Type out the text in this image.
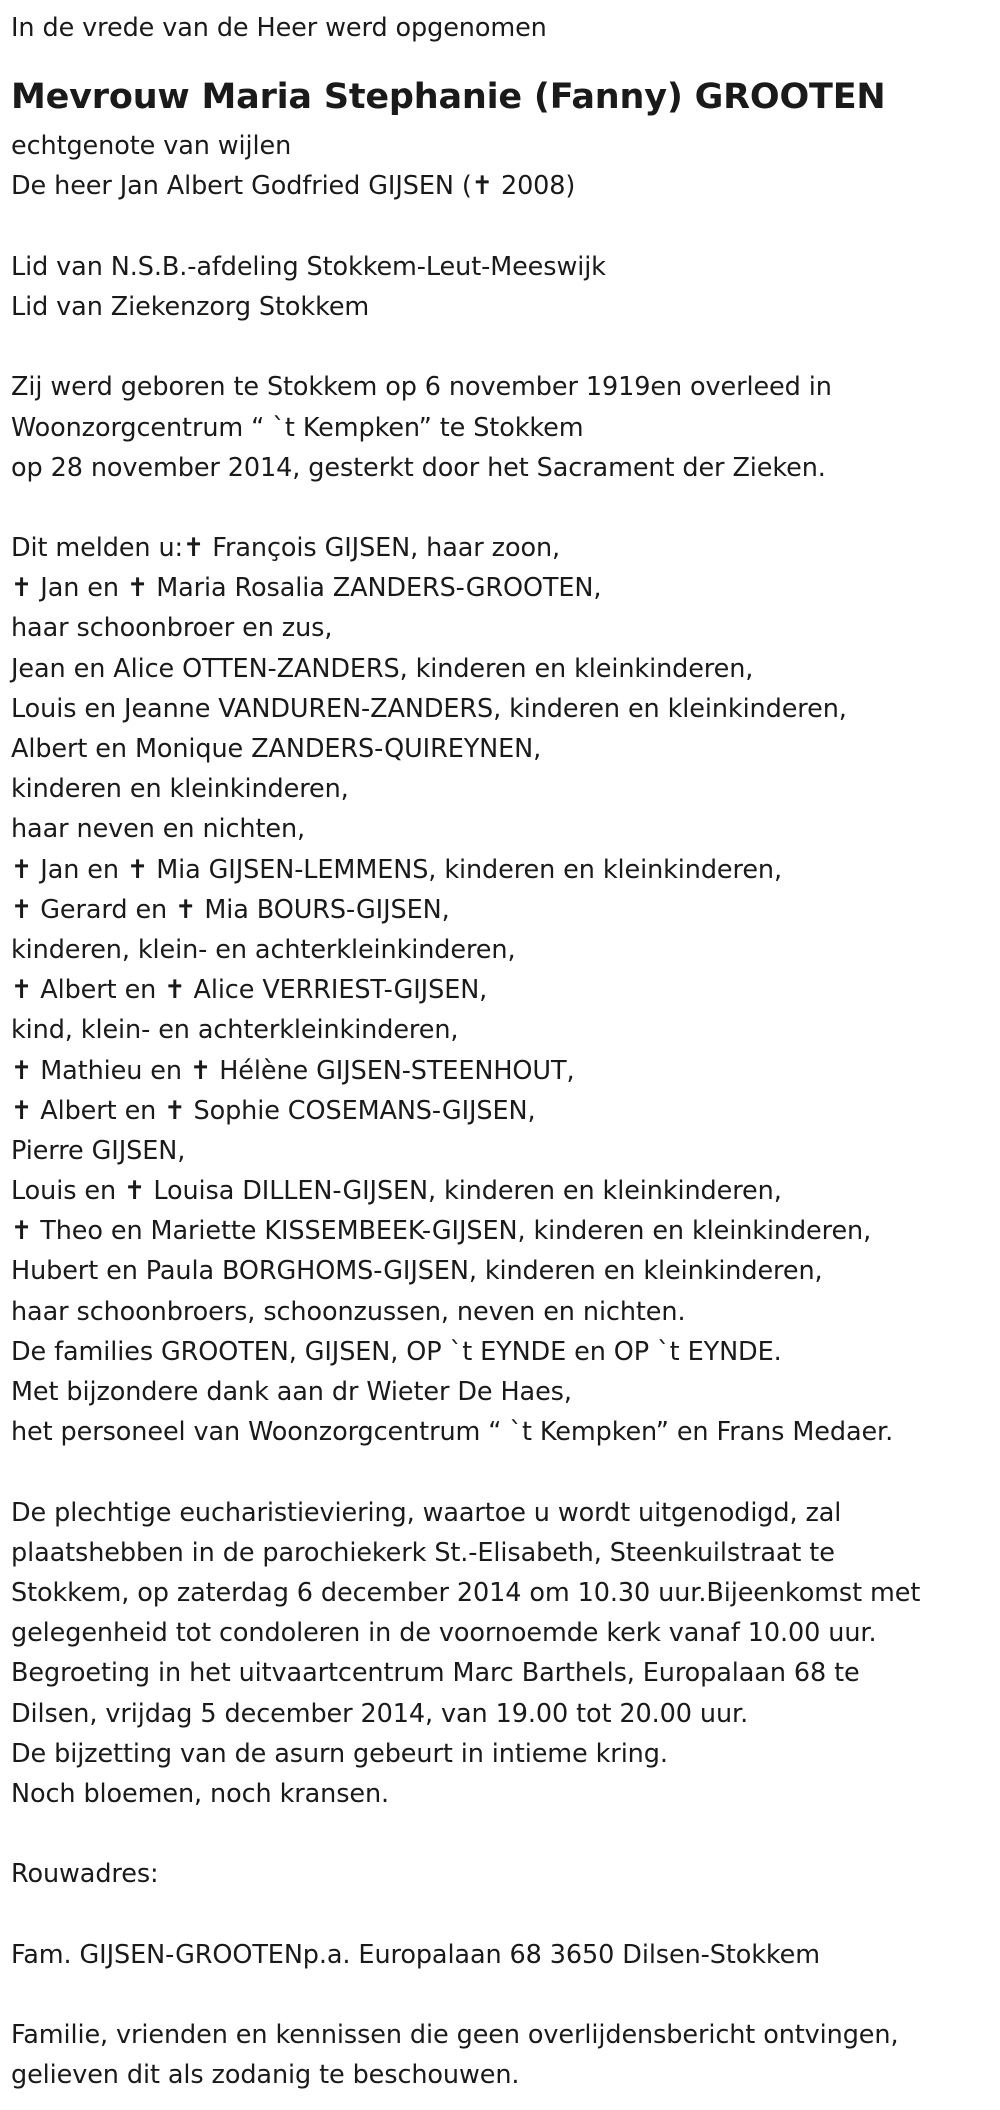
In de vrede van de Heer werd opgenomen
Mevrouw Maria Stephanie (Fanny) GROOTEN
echtgenote van wijlen
De heer Jan Albert Godfried GIJSEN (✝ 2008)
Lid van N.S.B.-afdeling Stokkem-Leut-Meeswijk
Lid van Ziekenzorg Stokkem
Zij werd geboren te Stokkem op 6 november 1919en overleed in
Woonzorgcentrum “ `t Kempken” te Stokkem
op 28 november 2014, gesterkt door het Sacrament der Zieken.
Dit melden u:✝ François GIJSEN, haar zoon,
✝ Jan en ✝ Maria Rosalia ZANDERS-GROOTEN,
haar schoonbroer en zus,
Jean en Alice OTTEN-ZANDERS, kinderen en kleinkinderen,
Louis en Jeanne VANDUREN-ZANDERS, kinderen en kleinkinderen,
Albert en Monique ZANDERS-QUIREYNEN,
kinderen en kleinkinderen,
haar neven en nichten,
✝ Jan en ✝ Mia GIJSEN-LEMMENS, kinderen en kleinkinderen,
✝ Gerard en ✝ Mia BOURS-GIJSEN,
kinderen, klein- en achterkleinkinderen,
✝ Albert en ✝ Alice VERRIEST-GIJSEN,
kind, klein- en achterkleinkinderen,
✝ Mathieu en ✝ Hélène GIJSEN-STEENHOUT,
✝ Albert en ✝ Sophie COSEMANS-GIJSEN,
Pierre GIJSEN,
Louis en ✝ Louisa DILLEN-GIJSEN, kinderen en kleinkinderen,
✝ Theo en Mariette KISSEMBEEK-GIJSEN, kinderen en kleinkinderen,
Hubert en Paula BORGHOMS-GIJSEN, kinderen en kleinkinderen,
haar schoonbroers, schoonzussen, neven en nichten.
De families GROOTEN, GIJSEN, OP `t EYNDE en OP `t EYNDE.
Met bijzondere dank aan dr Wieter De Haes,
het personeel van Woonzorgcentrum “ `t Kempken” en Frans Medaer.
De plechtige eucharistieviering, waartoe u wordt uitgenodigd, zal
plaatshebben in de parochiekerk St.-Elisabeth, Steenkuilstraat te
Stokkem, op zaterdag 6 december 2014 om 10.30 uur.Bijeenkomst met
gelegenheid tot condoleren in de voornoemde kerk vanaf 10.00 uur.
Begroeting in het uitvaartcentrum Marc Barthels, Europalaan 68 te
Dilsen, vrijdag 5 december 2014, van 19.00 tot 20.00 uur.
De bijzetting van de asurn gebeurt in intieme kring.
Noch bloemen, noch kransen.
Rouwadres:
Fam. GIJSEN-GROOTENp.a. Europalaan 68 3650 Dilsen-Stokkem
Familie, vrienden en kennissen die geen overlijdensbericht ontvingen,
gelieven dit als zodanig te beschouwen.
